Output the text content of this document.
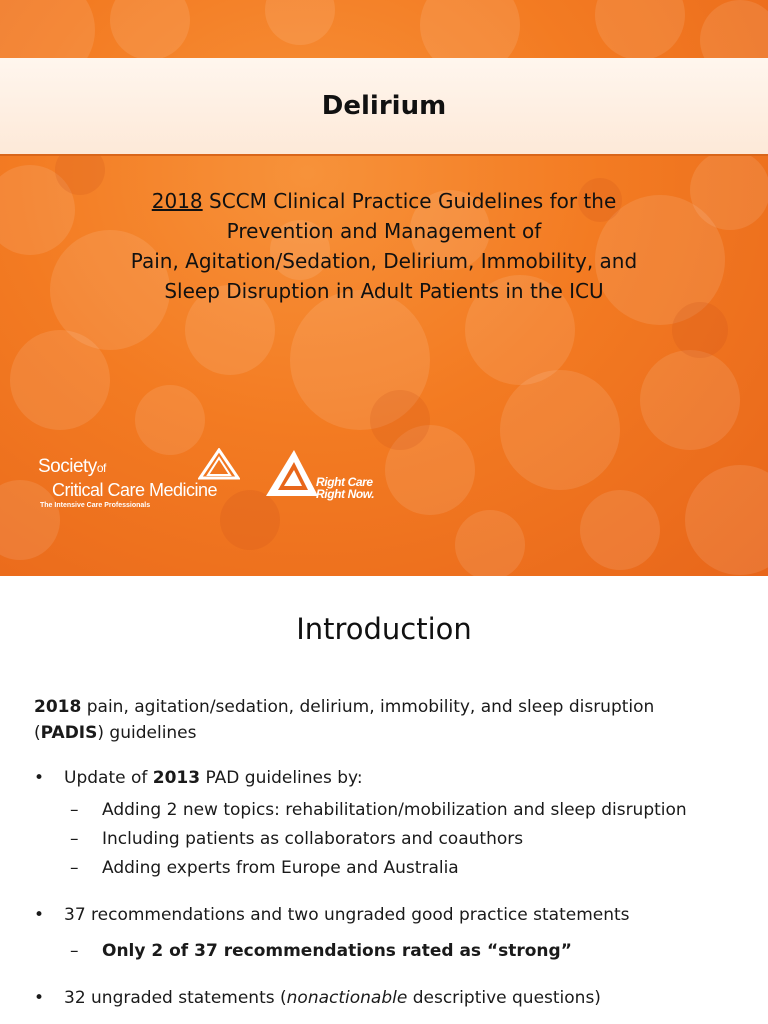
Delirium
2018 SCCM Clinical Practice Guidelines for the
Prevention and Management of
Pain, Agitation/Sedation, Delirium, Immobility, and
Sleep Disruption in Adult Patients in the ICU
Societyof
Critical Care Medicine
The Intensive Care Professionals
Right Care
Right Now.
Introduction
2018 pain, agitation/sedation, delirium, immobility, and sleep disruption
(PADIS) guidelines
• Update of 2013 PAD guidelines by:
– Adding 2 new topics: rehabilitation/mobilization and sleep disruption
– Including patients as collaborators and coauthors
– Adding experts from Europe and Australia
• 37 recommendations and two ungraded good practice statements
– Only 2 of 37 recommendations rated as “strong”
• 32 ungraded statements (nonactionable descriptive questions)
